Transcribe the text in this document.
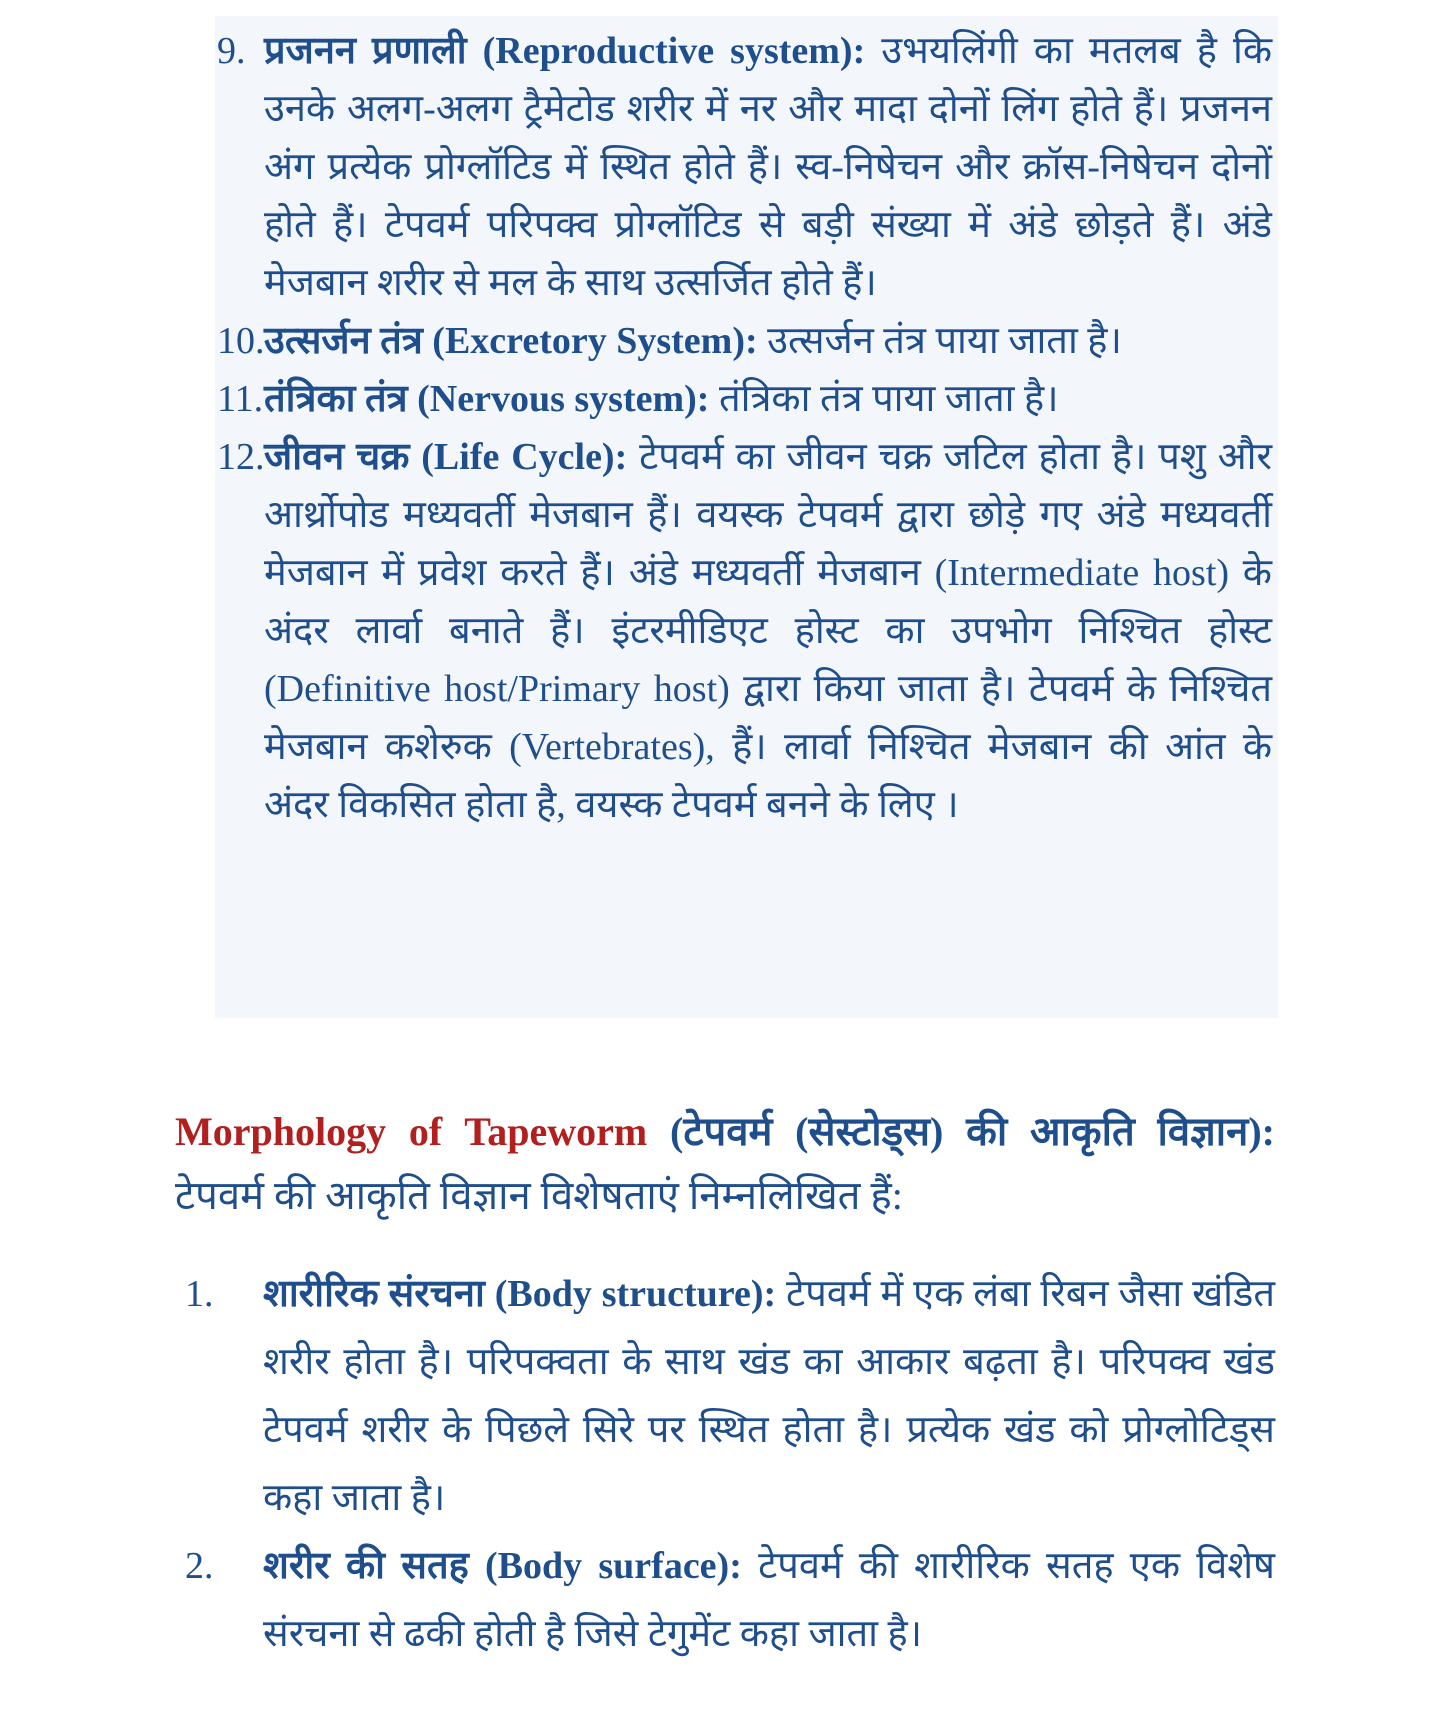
9. प्रजनन प्रणाली (Reproductive system): उभयलिंगी का मतलब है कि उनके अलग-अलग ट्रैमेटोड शरीर में नर और मादा दोनों लिंग होते हैं। प्रजनन अंग प्रत्येक प्रोग्लॉटिड में स्थित होते हैं। स्व-निषेचन और क्रॉस-निषेचन दोनों होते हैं। टेपवर्म परिपक्व प्रोग्लॉटिड से बड़ी संख्या में अंडे छोड़ते हैं। अंडे मेजबान शरीर से मल के साथ उत्सर्जित होते हैं।
10. उत्सर्जन तंत्र (Excretory System): उत्सर्जन तंत्र पाया जाता है।
11. तंत्रिका तंत्र (Nervous system): तंत्रिका तंत्र पाया जाता है।
12. जीवन चक्र (Life Cycle): टेपवर्म का जीवन चक्र जटिल होता है। पशु और आर्थ्रोपोड मध्यवर्ती मेजबान हैं। वयस्क टेपवर्म द्वारा छोड़े गए अंडे मध्यवर्ती मेजबान में प्रवेश करते हैं। अंडे मध्यवर्ती मेजबान (Intermediate host) के अंदर लार्वा बनाते हैं। इंटरमीडिएट होस्ट का उपभोग निश्चित होस्ट (Definitive host/Primary host) द्वारा किया जाता है। टेपवर्म के निश्चित मेजबान कशेरुक (Vertebrates), हैं। लार्वा निश्चित मेजबान की आंत के अंदर विकसित होता है, वयस्क टेपवर्म बनने के लिए ।

Morphology of Tapeworm (टेपवर्म (सेस्टोड्स) की आकृति विज्ञान): टेपवर्म की आकृति विज्ञान विशेषताएं निम्नलिखित हैं:

1. शारीरिक संरचना (Body structure): टेपवर्म में एक लंबा रिबन जैसा खंडित शरीर होता है। परिपक्वता के साथ खंड का आकार बढ़ता है। परिपक्व खंड टेपवर्म शरीर के पिछले सिरे पर स्थित होता है। प्रत्येक खंड को प्रोग्लोटिड्स कहा जाता है।
2. शरीर की सतह (Body surface): टेपवर्म की शारीरिक सतह एक विशेष संरचना से ढकी होती है जिसे टेगुमेंट कहा जाता है।
